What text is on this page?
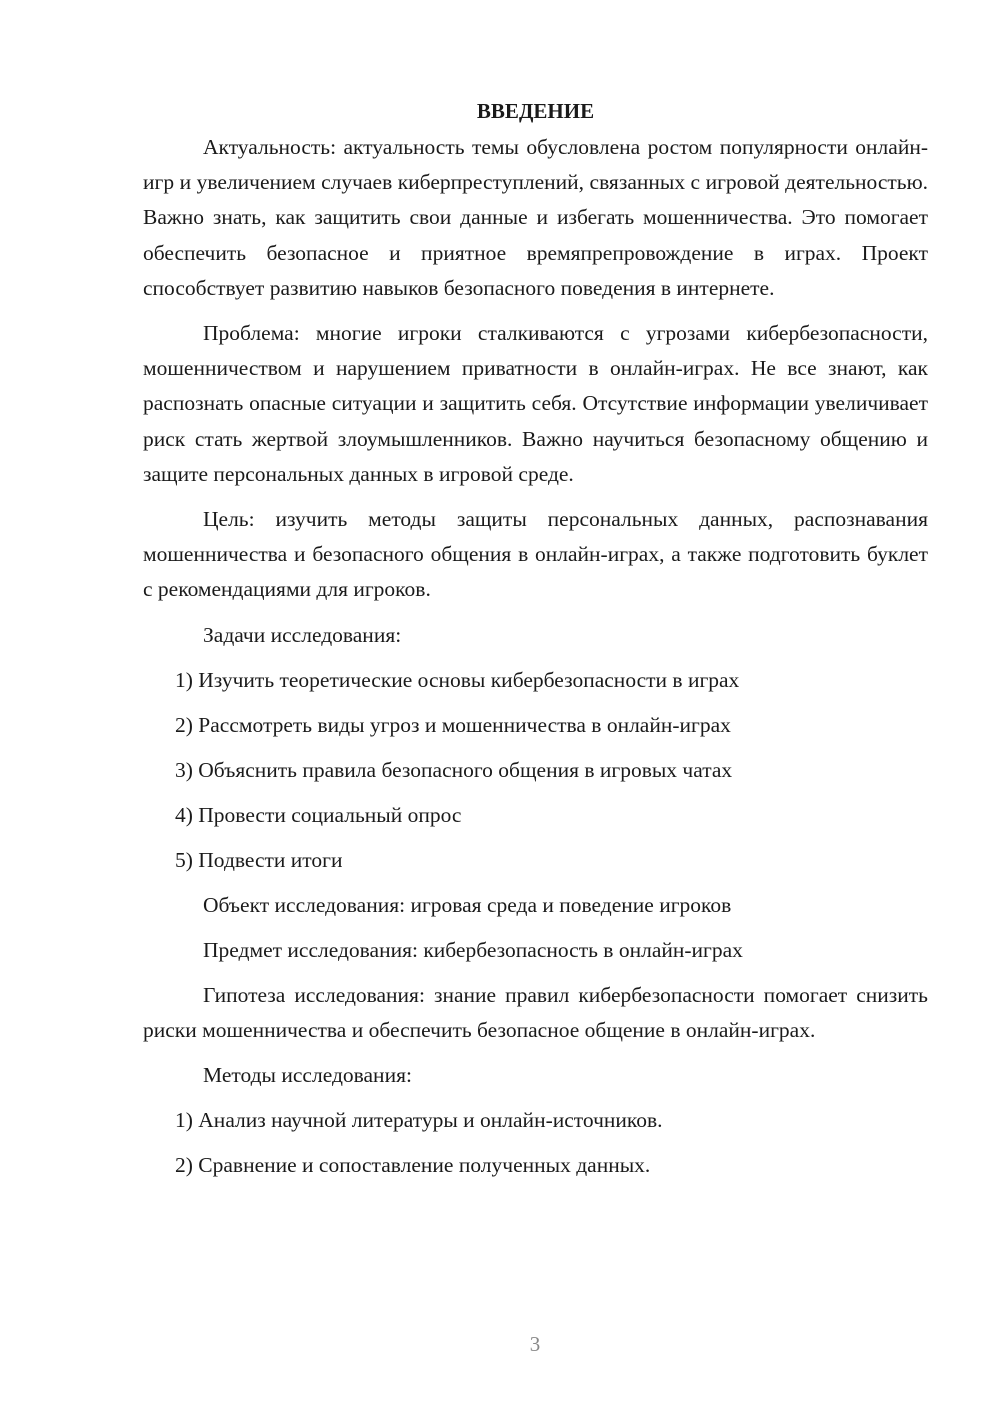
ВВЕДЕНИЕ

Актуальность: актуальность темы обусловлена ростом популярности онлайн-игр и увеличением случаев киберпреступлений, связанных с игровой деятельностью. Важно знать, как защитить свои данные и избегать мошенничества. Это помогает обеспечить безопасное и приятное времяпрепровождение в играх. Проект способствует развитию навыков безопасного поведения в интернете.

Проблема: многие игроки сталкиваются с угрозами кибербезопасности, мошенничеством и нарушением приватности в онлайн-играх. Не все знают, как распознать опасные ситуации и защитить себя. Отсутствие информации увеличивает риск стать жертвой злоумышленников. Важно научиться безопасному общению и защите персональных данных в игровой среде.

Цель: изучить методы защиты персональных данных, распознавания мошенничества и безопасного общения в онлайн-играх, а также подготовить буклет с рекомендациями для игроков.

Задачи исследования:
1) Изучить теоретические основы кибербезопасности в играх
2) Рассмотреть виды угроз и мошенничества в онлайн-играх
3) Объяснить правила безопасного общения в игровых чатах
4) Провести социальный опрос
5) Подвести итоги
Объект исследования: игровая среда и поведение игроков
Предмет исследования: кибербезопасность в онлайн-играх

Гипотеза исследования: знание правил кибербезопасности помогает снизить риски мошенничества и обеспечить безопасное общение в онлайн-играх.

Методы исследования:
1) Анализ научной литературы и онлайн-источников.
2) Сравнение и сопоставление полученных данных.
3
